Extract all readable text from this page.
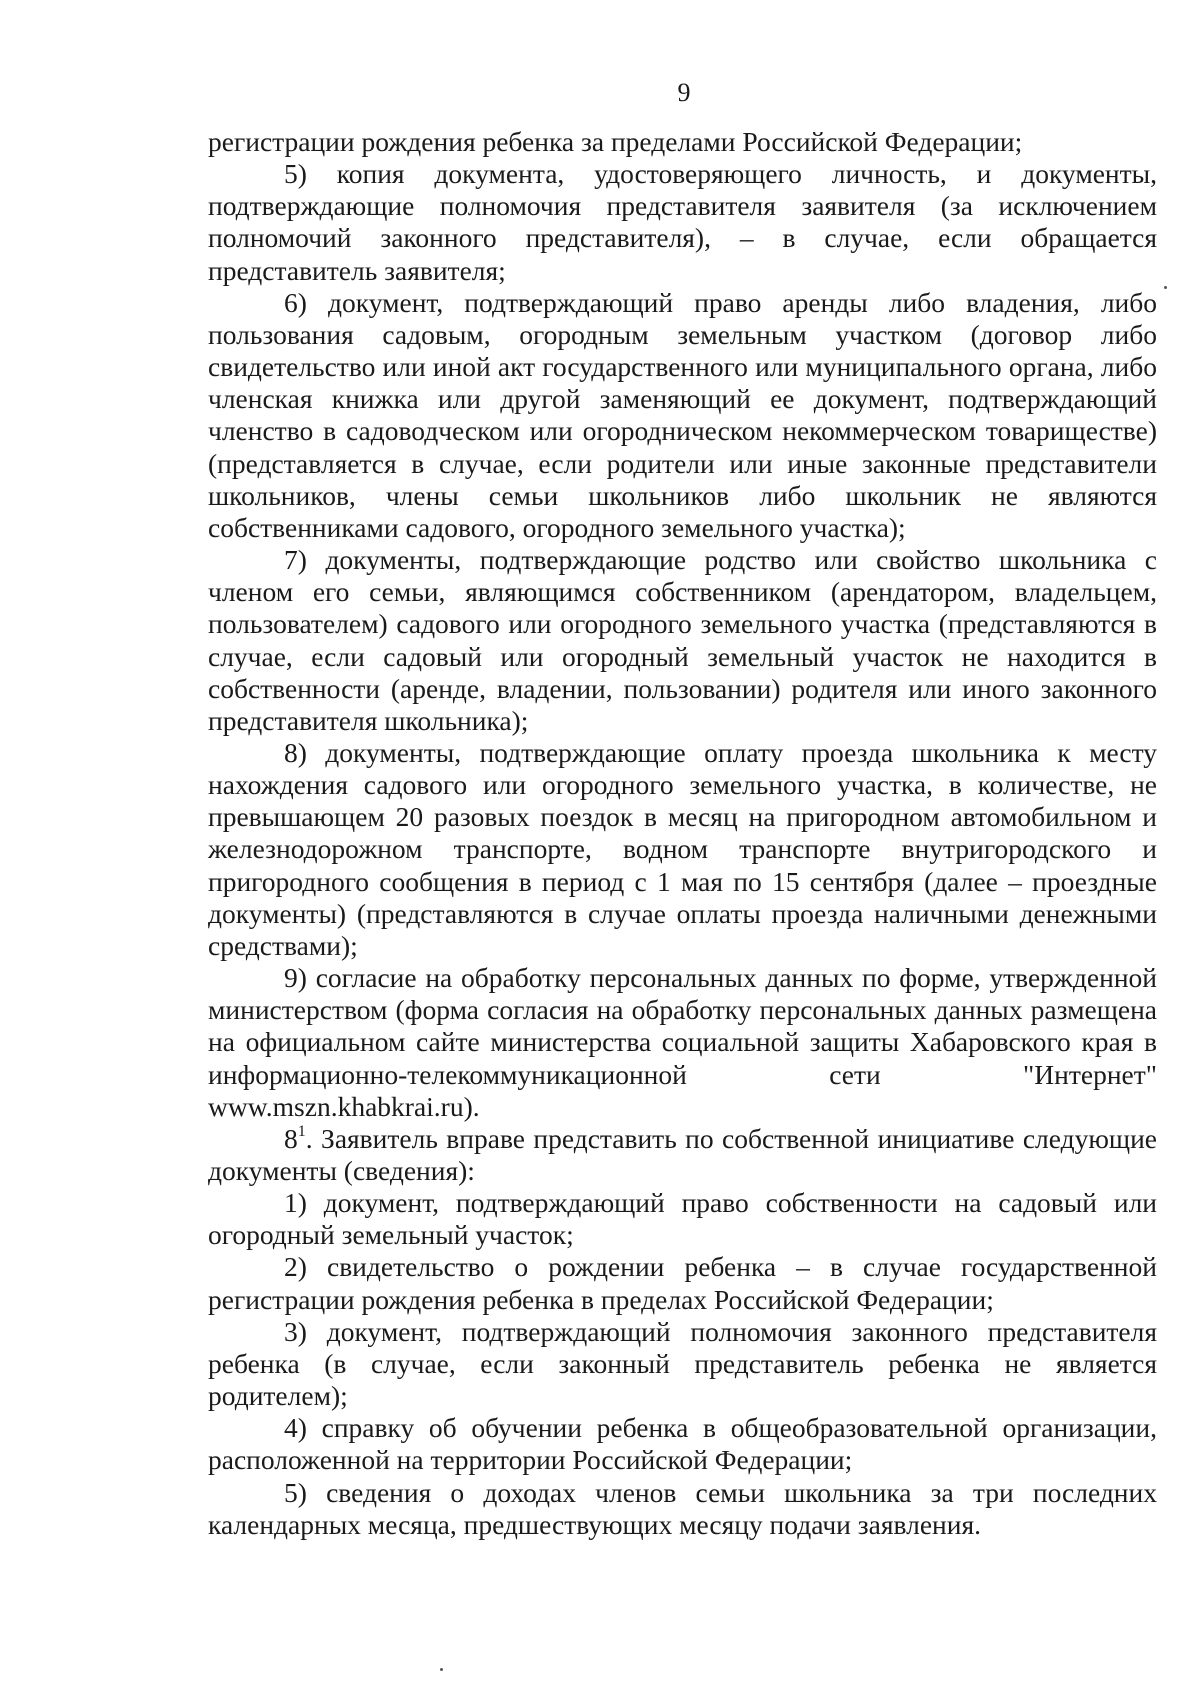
9

регистрации рождения ребенка за пределами Российской Федерации;

5) копия документа, удостоверяющего личность, и документы, подтверждающие полномочия представителя заявителя (за исключением полномочий законного представителя), – в случае, если обращается представитель заявителя;

6) документ, подтверждающий право аренды либо владения, либо пользования садовым, огородным земельным участком (договор либо свидетельство или иной акт государственного или муниципального органа, либо членская книжка или другой заменяющий ее документ, подтверждающий членство в садоводческом или огородническом некоммерческом товариществе) (представляется в случае, если родители или иные законные представители школьников, члены семьи школьников либо школьник не являются собственниками садового, огородного земельного участка);

7) документы, подтверждающие родство или свойство школьника с членом его семьи, являющимся собственником (арендатором, владельцем, пользователем) садового или огородного земельного участка (представляются в случае, если садовый или огородный земельный участок не находится в собственности (аренде, владении, пользовании) родителя или иного законного представителя школьника);

8) документы, подтверждающие оплату проезда школьника к месту нахождения садового или огородного земельного участка, в количестве, не превышающем 20 разовых поездок в месяц на пригородном автомобильном и железнодорожном транспорте, водном транспорте внутригородского и пригородного сообщения в период с 1 мая по 15 сентября (далее – проездные документы) (представляются в случае оплаты проезда наличными денежными средствами);

9) согласие на обработку персональных данных по форме, утвержденной министерством (форма согласия на обработку персональных данных размещена на официальном сайте министерства социальной защиты Хабаровского края в информационно-телекоммуникационной сети "Интернет" www.mszn.khabkrai.ru).

$8^1$. Заявитель вправе представить по собственной инициативе следующие документы (сведения):

1) документ, подтверждающий право собственности на садовый или огородный земельный участок;

2) свидетельство о рождении ребенка – в случае государственной регистрации рождения ребенка в пределах Российской Федерации;

3) документ, подтверждающий полномочия законного представителя ребенка (в случае, если законный представитель ребенка не является родителем);

4) справку об обучении ребенка в общеобразовательной организации, расположенной на территории Российской Федерации;

5) сведения о доходах членов семьи школьника за три последних календарных месяца, предшествующих месяцу подачи заявления.
